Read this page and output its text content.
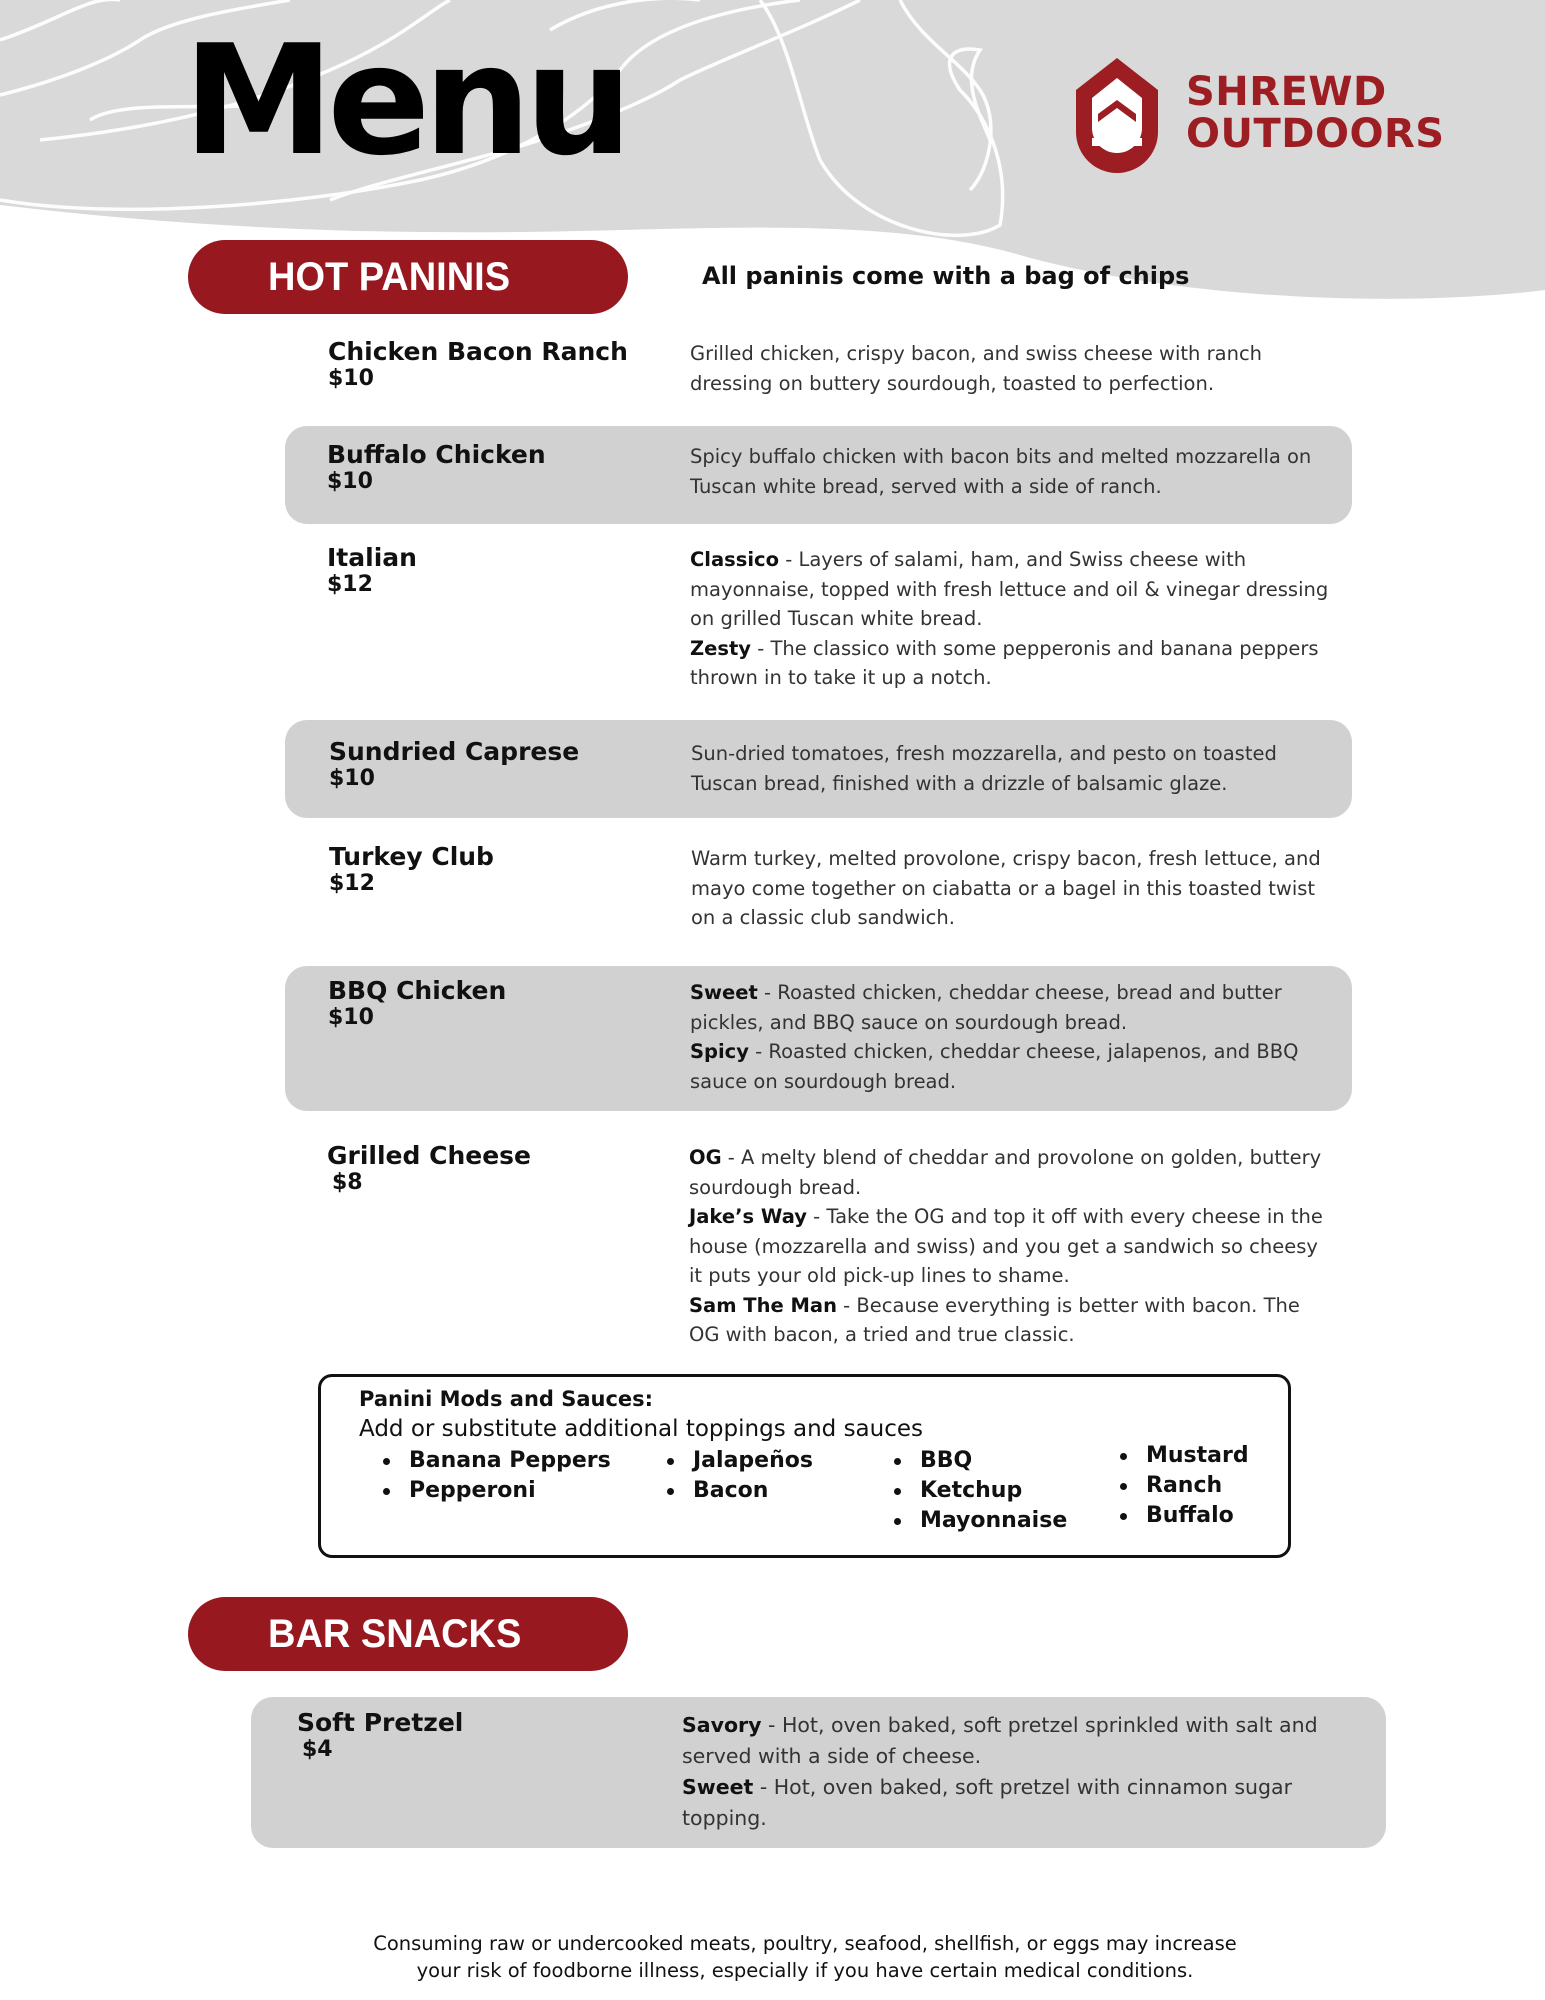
Menu	SHREWD
OUTDOORS
HOT PANINIS	All paninis come with a bag of chips
Chicken Bacon Ranch
$10
Grilled chicken, crispy bacon, and swiss cheese with ranch dressing on buttery sourdough, toasted to perfection.
Buffalo Chicken
$10
Spicy buffalo chicken with bacon bits and melted mozzarella on Tuscan white bread, served with a side of ranch.
Italian
$12
Classico - Layers of salami, ham, and Swiss cheese with mayonnaise, topped with fresh lettuce and oil & vinegar dressing on grilled Tuscan white bread.
Zesty - The classico with some pepperonis and banana peppers thrown in to take it up a notch.
Sundried Caprese
$10
Sun-dried tomatoes, fresh mozzarella, and pesto on toasted Tuscan bread, finished with a drizzle of balsamic glaze.
Turkey Club
$12
Warm turkey, melted provolone, crispy bacon, fresh lettuce, and mayo come together on ciabatta or a bagel in this toasted twist on a classic club sandwich.
BBQ Chicken
$10
Sweet - Roasted chicken, cheddar cheese, bread and butter pickles, and BBQ sauce on sourdough bread.
Spicy - Roasted chicken, cheddar cheese, jalapenos, and BBQ sauce on sourdough bread.
Grilled Cheese
$8
OG - A melty blend of cheddar and provolone on golden, buttery sourdough bread.
Jake’s Way - Take the OG and top it off with every cheese in the house (mozzarella and swiss) and you get a sandwich so cheesy it puts your old pick-up lines to shame.
Sam The Man - Because everything is better with bacon. The OG with bacon, a tried and true classic.
Panini Mods and Sauces:
Add or substitute additional toppings and sauces
Banana Peppers
Pepperoni
Jalapeños
Bacon
BBQ
Ketchup
Mayonnaise
Mustard
Ranch
Buffalo
BAR SNACKS
Soft Pretzel
$4
Savory - Hot, oven baked, soft pretzel sprinkled with salt and served with a side of cheese.
Sweet - Hot, oven baked, soft pretzel with cinnamon sugar topping.
Consuming raw or undercooked meats, poultry, seafood, shellfish, or eggs may increase
your risk of foodborne illness, especially if you have certain medical conditions.
